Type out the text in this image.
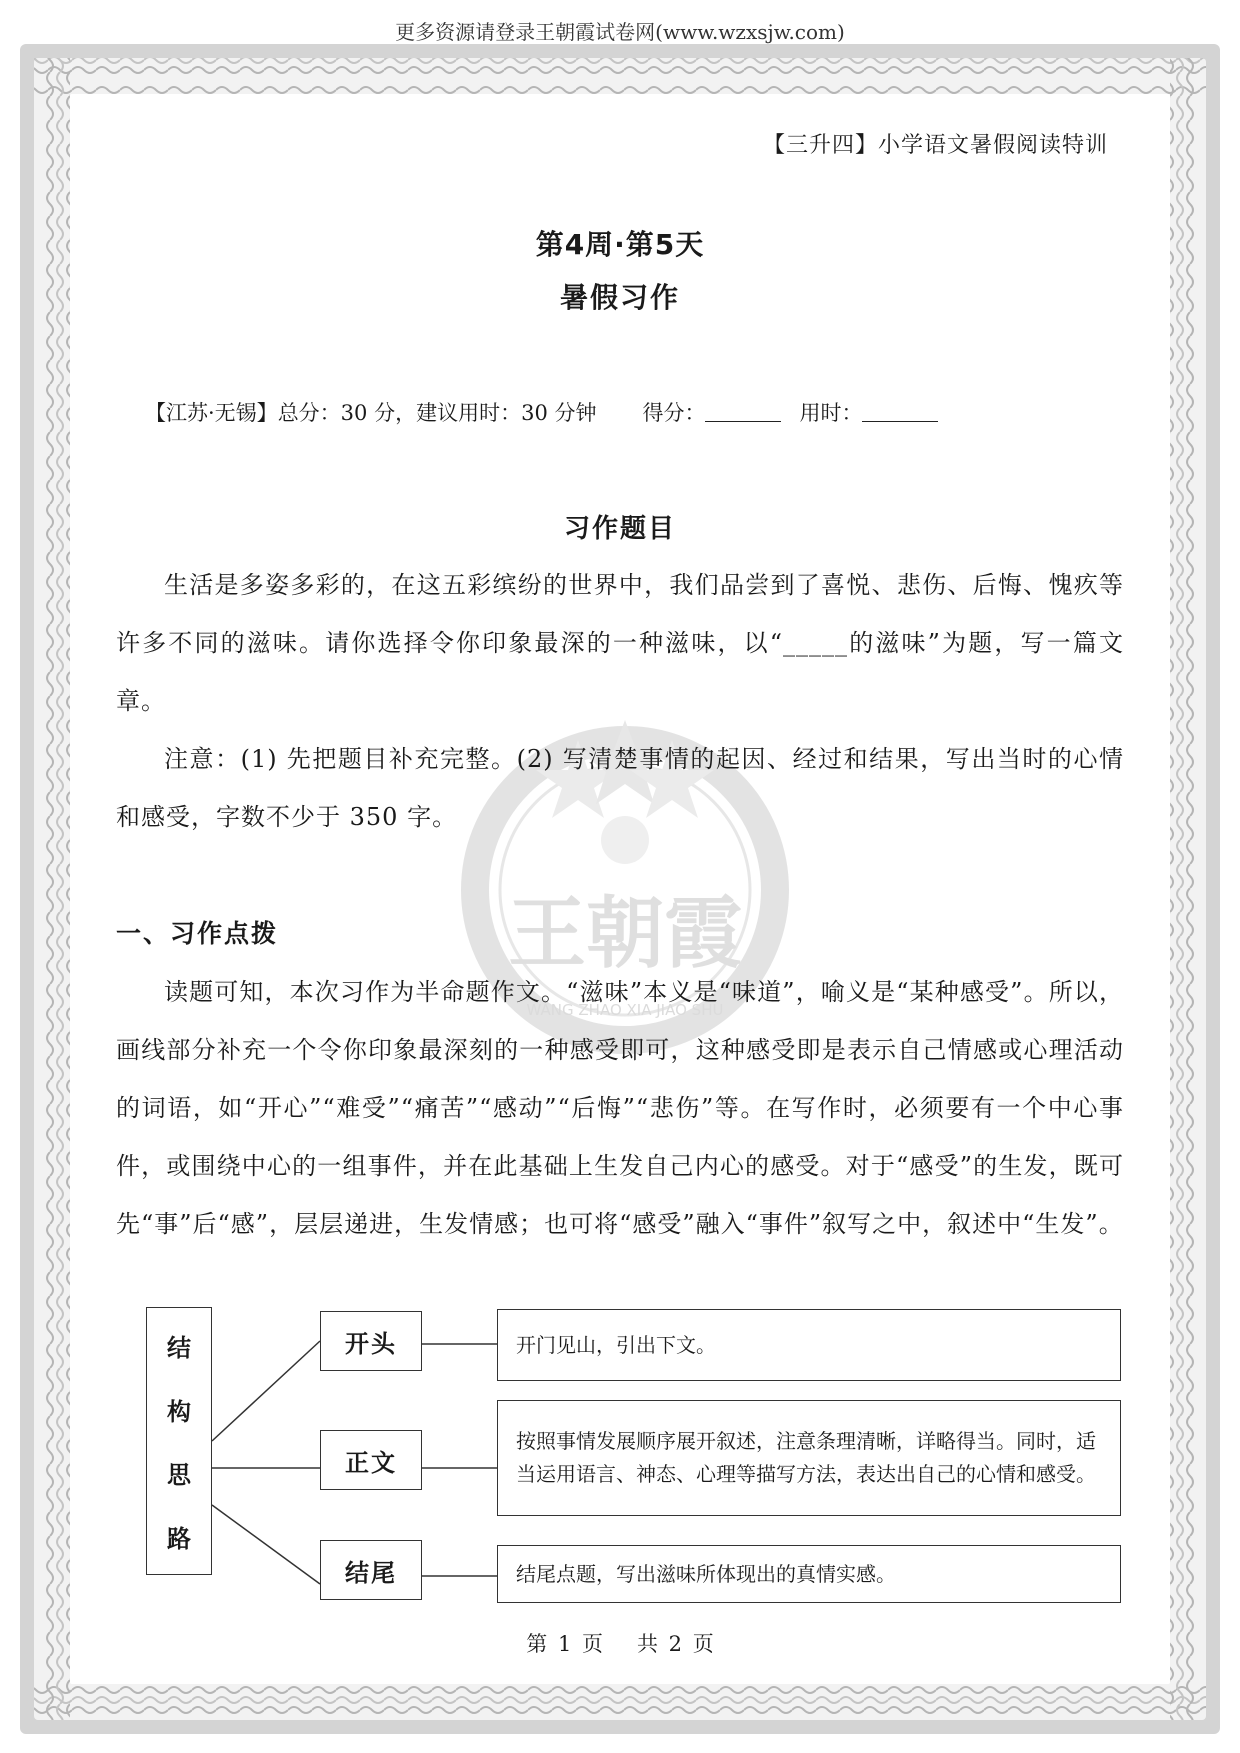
更多资源请登录王朝霞试卷网(www.wzxsjw.com)
王朝霞
WANG ZHAO XIA JIAO SHU
【三升四】小学语文暑假阅读特训
第4周·第5天
暑假习作
【江苏·无锡】总分：30 分，建议用时：30 分钟 得分：	用时：
习作题目

生活是多姿多彩的，在这五彩缤纷的世界中，我们品尝到了喜悦、悲伤、后悔、愧疚等许多不同的滋味。请你选择令你印象最深的一种滋味，以“_____的滋味”为题，写一篇文章。

注意：(1) 先把题目补充完整。(2) 写清楚事情的起因、经过和结果，写出当时的心情和感受，字数不少于 350 字。

一、习作点拨

读题可知，本次习作为半命题作文。“滋味”本义是“味道”，喻义是“某种感受”。所以，画线部分补充一个令你印象最深刻的一种感受即可，这种感受即是表示自己情感或心理活动的词语，如“开心”“难受”“痛苦”“感动”“后悔”“悲伤”等。在写作时，必须要有一个中心事件，或围绕中心的一组事件，并在此基础上生发自己内心的感受。对于“感受”的生发，既可先“事”后“感”，层层递进，生发情感；也可将“感受”融入“事件”叙写之中，叙述中“生发”。

结
构
思
路
开头
正文
结尾
开门见山，引出下文。
按照事情发展顺序展开叙述，注意条理清晰，详略得当。同时，适当运用语言、神态、心理等描写方法，表达出自己的心情和感受。
结尾点题，写出滋味所体现出的真情实感。
第 1 页 共 2 页
